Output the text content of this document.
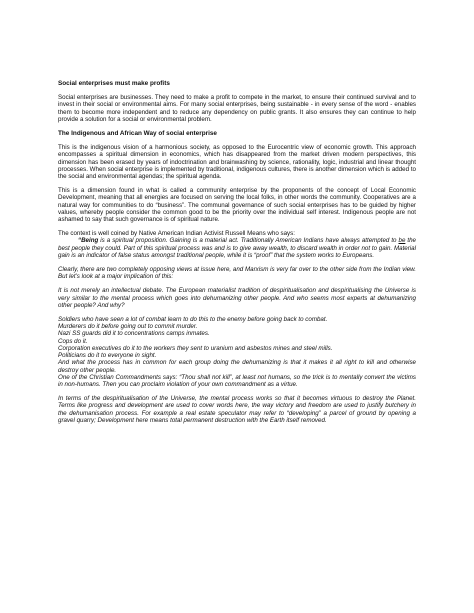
Social enterprises must make profits
Social enterprises are businesses. They need to make a profit to compete in the market, to ensure their continued survival and to invest in their social or environmental aims. For many social enterprises, being sustainable - in every sense of the word - enables them to become more independent and to reduce any dependency on public grants. It also ensures they can continue to help provide a solution for a social or environmental problem.
The Indigenous and African Way of social enterprise
This is the indigenous vision of a harmonious society, as opposed to the Eurocentric view of economic growth. This approach encompasses a spiritual dimension in economics, which has disappeared from the market driven modern perspectives, this dimension has been erased by years of indoctrination and brainwashing by science, rationality, logic, industrial and linear thought processes. When social enterprise is implemented by traditional, indigenous cultures, there is another dimension which is added to the social and environmental agendas; the spiritual agenda.
This is a dimension found in what is called a community enterprise by the proponents of the concept of Local Economic Development, meaning that all energies are focused on serving the local folks, in other words the community. Cooperatives are a natural way for communities to do “business”. The communal governance of such social enterprises has to be guided by higher values, whereby people consider the common good to be the priority over the individual self interest. Indigenous people are not ashamed to say that such governance is of spiritual nature.
The context is well coined by Native American Indian Activist Russell Means who says:
“Being is a spiritual proposition. Gaining is a material act. Traditionally American Indians have always attempted to be the best people they could. Part of this spiritual process was and is to give away wealth, to discard wealth in order not to gain. Material gain is an indicator of false status amongst traditional people, while it is “proof” that the system works to Europeans.
Clearly, there are two completely opposing views at issue here, and Marxism is very far over to the other side from the Indian view. But let’s look at a major implication of this:
It is not merely an intellectual debate. The European materialist tradition of despiritualisation and despiritualising the Universe is very similar to the mental process which goes into dehumanizing other people. And who seems most experts at dehumanizing other people? And why?
Soldiers who have seen a lot of combat learn to do this to the enemy before going back to combat.
Murderers do it before going out to commit murder.
Nazi SS guards did it to concentrations camps inmates.
Cops do it.
Corporation executives do it to the workers they sent to uranium and asbestos mines and steel mills.
Politicians do it to everyone in sight.
And what the process has in common for each group doing the dehumanizing is that it makes it all right to kill and otherwise destroy other people.
One of the Christian Commandments says: “Thou shall not kill”, at least not humans, so the trick is to mentally convert the victims in non-humans. Then you can proclaim violation of your own commandment as a virtue.
In terms of the despiritualisation of the Universe, the mental process works so that it becomes virtuous to destroy the Planet. Terms like progress and development are used to cover words here, the way victory and freedom are used to justify butchery in the dehumanisation process. For example a real estate speculator may refer to “developing” a parcel of ground by opening a gravel quarry; Development here means total permanent destruction with the Earth itself removed.
